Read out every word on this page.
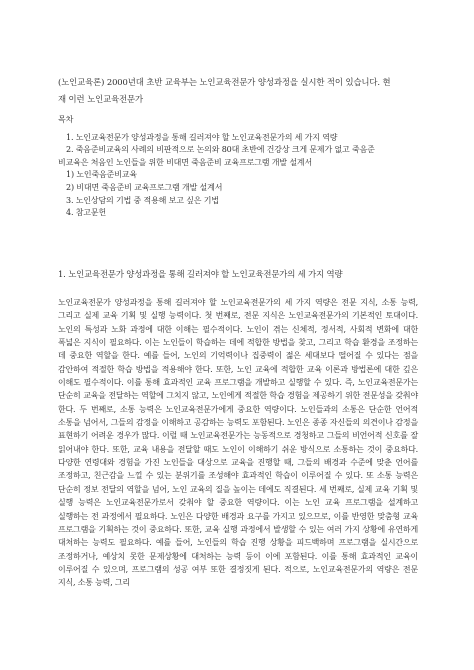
(노인교육론) 2000년대 초반 교육부는 노인교육전문가 양성과정을 실시한 적이 있습니다. 현
재 이런 노인교육전문가
목차
1. 노인교육전문가 양성과정을 통해 길러져야 할 노인교육전문가의 세 가지 역량
2. 죽음준비교육의 사례의 비판적으로 논의와 80대 초반에 건강상 크게 문제가 없고 죽음준
비교육은 처음인 노인들을 위한 비대면 죽음준비 교육프로그램 개발 설계서
1) 노인죽음준비교육
2) 비대면 죽음준비 교육프로그램 개발 설계서
3. 노인상담의 기법 중 적용해 보고 싶은 기법
4. 참고문헌
1. 노인교육전문가 양성과정을 통해 길러져야 할 노인교육전문가의 세 가지 역량

노인교육전문가 양성과정을 통해 길러져야 할 노인교육전문가의 세 가지 역량은 전문 지식, 소통 능력, 그리고 실제 교육 기획 및 실행 능력이다. 첫 번째로, 전문 지식은 노인교육전문가의 기본적인 토대이다. 노인의 특성과 노화 과정에 대한 이해는 필수적이다. 노인이 겪는 신체적, 정서적, 사회적 변화에 대한 폭넓은 지식이 필요하다. 이는 노인들이 학습하는 데에 적합한 방법을 찾고, 그리고 학습 환경을 조정하는 데 중요한 역할을 한다. 예를 들어, 노인의 기억력이나 집중력이 젊은 세대보다 떨어질 수 있다는 점을 감안하여 적절한 학습 방법을 적용해야 한다. 또한, 노인 교육에 적합한 교육 이론과 방법론에 대한 깊은 이해도 필수적이다. 이를 통해 효과적인 교육 프로그램을 개발하고 실행할 수 있다. 즉, 노인교육전문가는 단순히 교육을 전달하는 역할에 그치지 않고, 노인에게 적절한 학습 경험을 제공하기 위한 전문성을 갖춰야 한다. 두 번째로, 소통 능력은 노인교육전문가에게 중요한 역량이다. 노인들과의 소통은 단순한 언어적 소통을 넘어서, 그들의 감정을 이해하고 공감하는 능력도 포함된다. 노인은 종종 자신들의 의견이나 감정을 표현하기 어려운 경우가 많다. 이럴 때 노인교육전문가는 능동적으로 경청하고 그들의 비언어적 신호를 잘 읽어내야 한다. 또한, 교육 내용을 전달할 때도 노인이 이해하기 쉬운 방식으로 소통하는 것이 중요하다. 다양한 연령대와 경험을 가진 노인들을 대상으로 교육을 진행할 때, 그들의 배경과 수준에 맞춘 언어를 조정하고, 친근감을 느낄 수 있는 분위기를 조성해야 효과적인 학습이 이루어질 수 있다. 또 소통 능력은 단순히 정보 전달의 역할을 넘어, 노인 교육의 질을 높이는 데에도 직결된다. 세 번째로, 실제 교육 기획 및 실행 능력은 노인교육전문가로서 갖춰야 할 중요한 역량이다. 이는 노인 교육 프로그램을 설계하고 실행하는 전 과정에서 필요하다. 노인은 다양한 배경과 요구를 가지고 있으므로, 이를 반영한 맞춤형 교육 프로그램을 기획하는 것이 중요하다. 또한, 교육 실행 과정에서 발생할 수 있는 여러 가지 상황에 유연하게 대처하는 능력도 필요하다. 예를 들어, 노인들의 학습 진행 상황을 피드백하며 프로그램을 실시간으로 조정하거나, 예상치 못한 문제상황에 대처하는 능력 등이 이에 포함된다. 이를 통해 효과적인 교육이 이루어질 수 있으며, 프로그램의 성공 여부 또한 결정짓게 된다. 적으로, 노인교육전문가의 역량은 전문 지식, 소통 능력, 그리
